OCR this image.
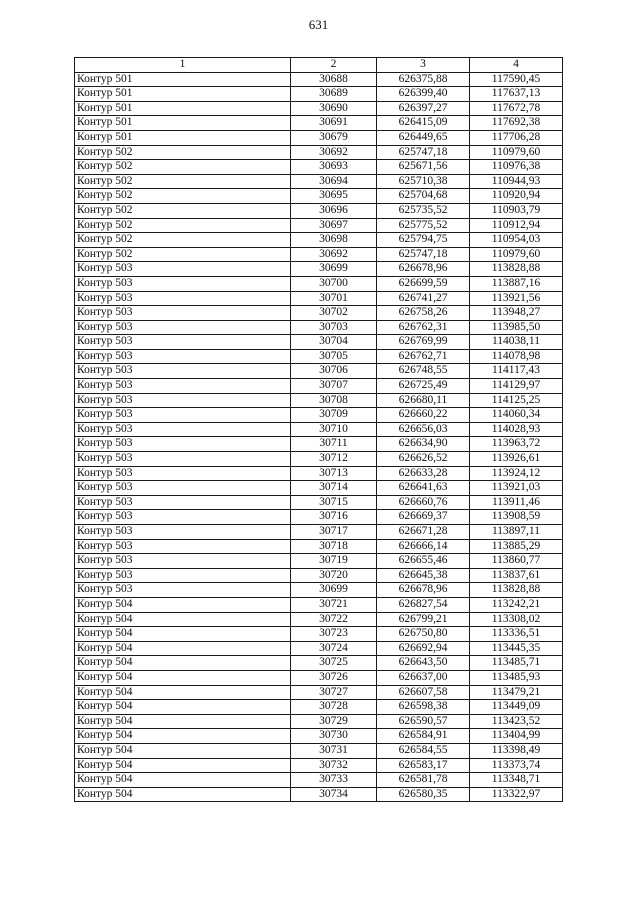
631
1	2	3	4
Контур 501	30688	626375,88	117590,45
Контур 501	30689	626399,40	117637,13
Контур 501	30690	626397,27	117672,78
Контур 501	30691	626415,09	117692,38
Контур 501	30679	626449,65	117706,28
Контур 502	30692	625747,18	110979,60
Контур 502	30693	625671,56	110976,38
Контур 502	30694	625710,38	110944,93
Контур 502	30695	625704,68	110920,94
Контур 502	30696	625735,52	110903,79
Контур 502	30697	625775,52	110912,94
Контур 502	30698	625794,75	110954,03
Контур 502	30692	625747,18	110979,60
Контур 503	30699	626678,96	113828,88
Контур 503	30700	626699,59	113887,16
Контур 503	30701	626741,27	113921,56
Контур 503	30702	626758,26	113948,27
Контур 503	30703	626762,31	113985,50
Контур 503	30704	626769,99	114038,11
Контур 503	30705	626762,71	114078,98
Контур 503	30706	626748,55	114117,43
Контур 503	30707	626725,49	114129,97
Контур 503	30708	626680,11	114125,25
Контур 503	30709	626660,22	114060,34
Контур 503	30710	626656,03	114028,93
Контур 503	30711	626634,90	113963,72
Контур 503	30712	626626,52	113926,61
Контур 503	30713	626633,28	113924,12
Контур 503	30714	626641,63	113921,03
Контур 503	30715	626660,76	113911,46
Контур 503	30716	626669,37	113908,59
Контур 503	30717	626671,28	113897,11
Контур 503	30718	626666,14	113885,29
Контур 503	30719	626655,46	113860,77
Контур 503	30720	626645,38	113837,61
Контур 503	30699	626678,96	113828,88
Контур 504	30721	626827,54	113242,21
Контур 504	30722	626799,21	113308,02
Контур 504	30723	626750,80	113336,51
Контур 504	30724	626692,94	113445,35
Контур 504	30725	626643,50	113485,71
Контур 504	30726	626637,00	113485,93
Контур 504	30727	626607,58	113479,21
Контур 504	30728	626598,38	113449,09
Контур 504	30729	626590,57	113423,52
Контур 504	30730	626584,91	113404,99
Контур 504	30731	626584,55	113398,49
Контур 504	30732	626583,17	113373,74
Контур 504	30733	626581,78	113348,71
Контур 504	30734	626580,35	113322,97
